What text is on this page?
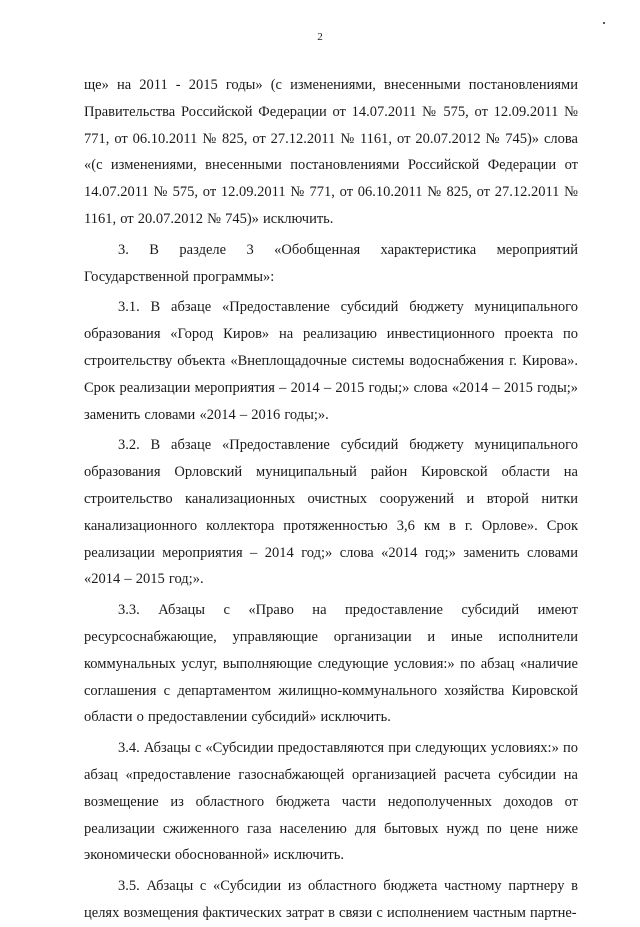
2

ще» на 2011 - 2015 годы» (с изменениями, внесенными постановлениями Правительства Российской Федерации от 14.07.2011 № 575, от 12.09.2011 № 771, от 06.10.2011 № 825, от 27.12.2011 № 1161, от 20.07.2012 № 745)» слова «(с изменениями, внесенными постановлениями Российской Федерации от 14.07.2011 № 575, от 12.09.2011 № 771, от 06.10.2011 № 825, от 27.12.2011 № 1161, от 20.07.2012 № 745)» исключить.

3. В разделе 3 «Обобщенная характеристика мероприятий Государственной программы»:

3.1. В абзаце «Предоставление субсидий бюджету муниципального образования «Город Киров» на реализацию инвестиционного проекта по строительству объекта «Внеплощадочные системы водоснабжения г. Кирова». Срок реализации мероприятия – 2014 – 2015 годы;» слова «2014 – 2015 годы;» заменить словами «2014 – 2016 годы;».

3.2. В абзаце «Предоставление субсидий бюджету муниципального образования Орловский муниципальный район Кировской области на строительство канализационных очистных сооружений и второй нитки канализационного коллектора протяженностью 3,6 км в г. Орлове». Срок реализации мероприятия – 2014 год;» слова «2014 год;» заменить словами «2014 – 2015 год;».

3.3. Абзацы с «Право на предоставление субсидий имеют ресурсоснабжающие, управляющие организации и иные исполнители коммунальных услуг, выполняющие следующие условия:» по абзац «наличие соглашения с департаментом жилищно-коммунального хозяйства Кировской области о предоставлении субсидий» исключить.

3.4. Абзацы с «Субсидии предоставляются при следующих условиях:» по абзац «предоставление газоснабжающей организацией расчета субсидии на возмещение из областного бюджета части недополученных доходов от реализации сжиженного газа населению для бытовых нужд по цене ниже экономически обоснованной» исключить.

3.5. Абзацы с «Субсидии из областного бюджета частному партнеру в целях возмещения фактических затрат в связи с исполнением частным партне-
